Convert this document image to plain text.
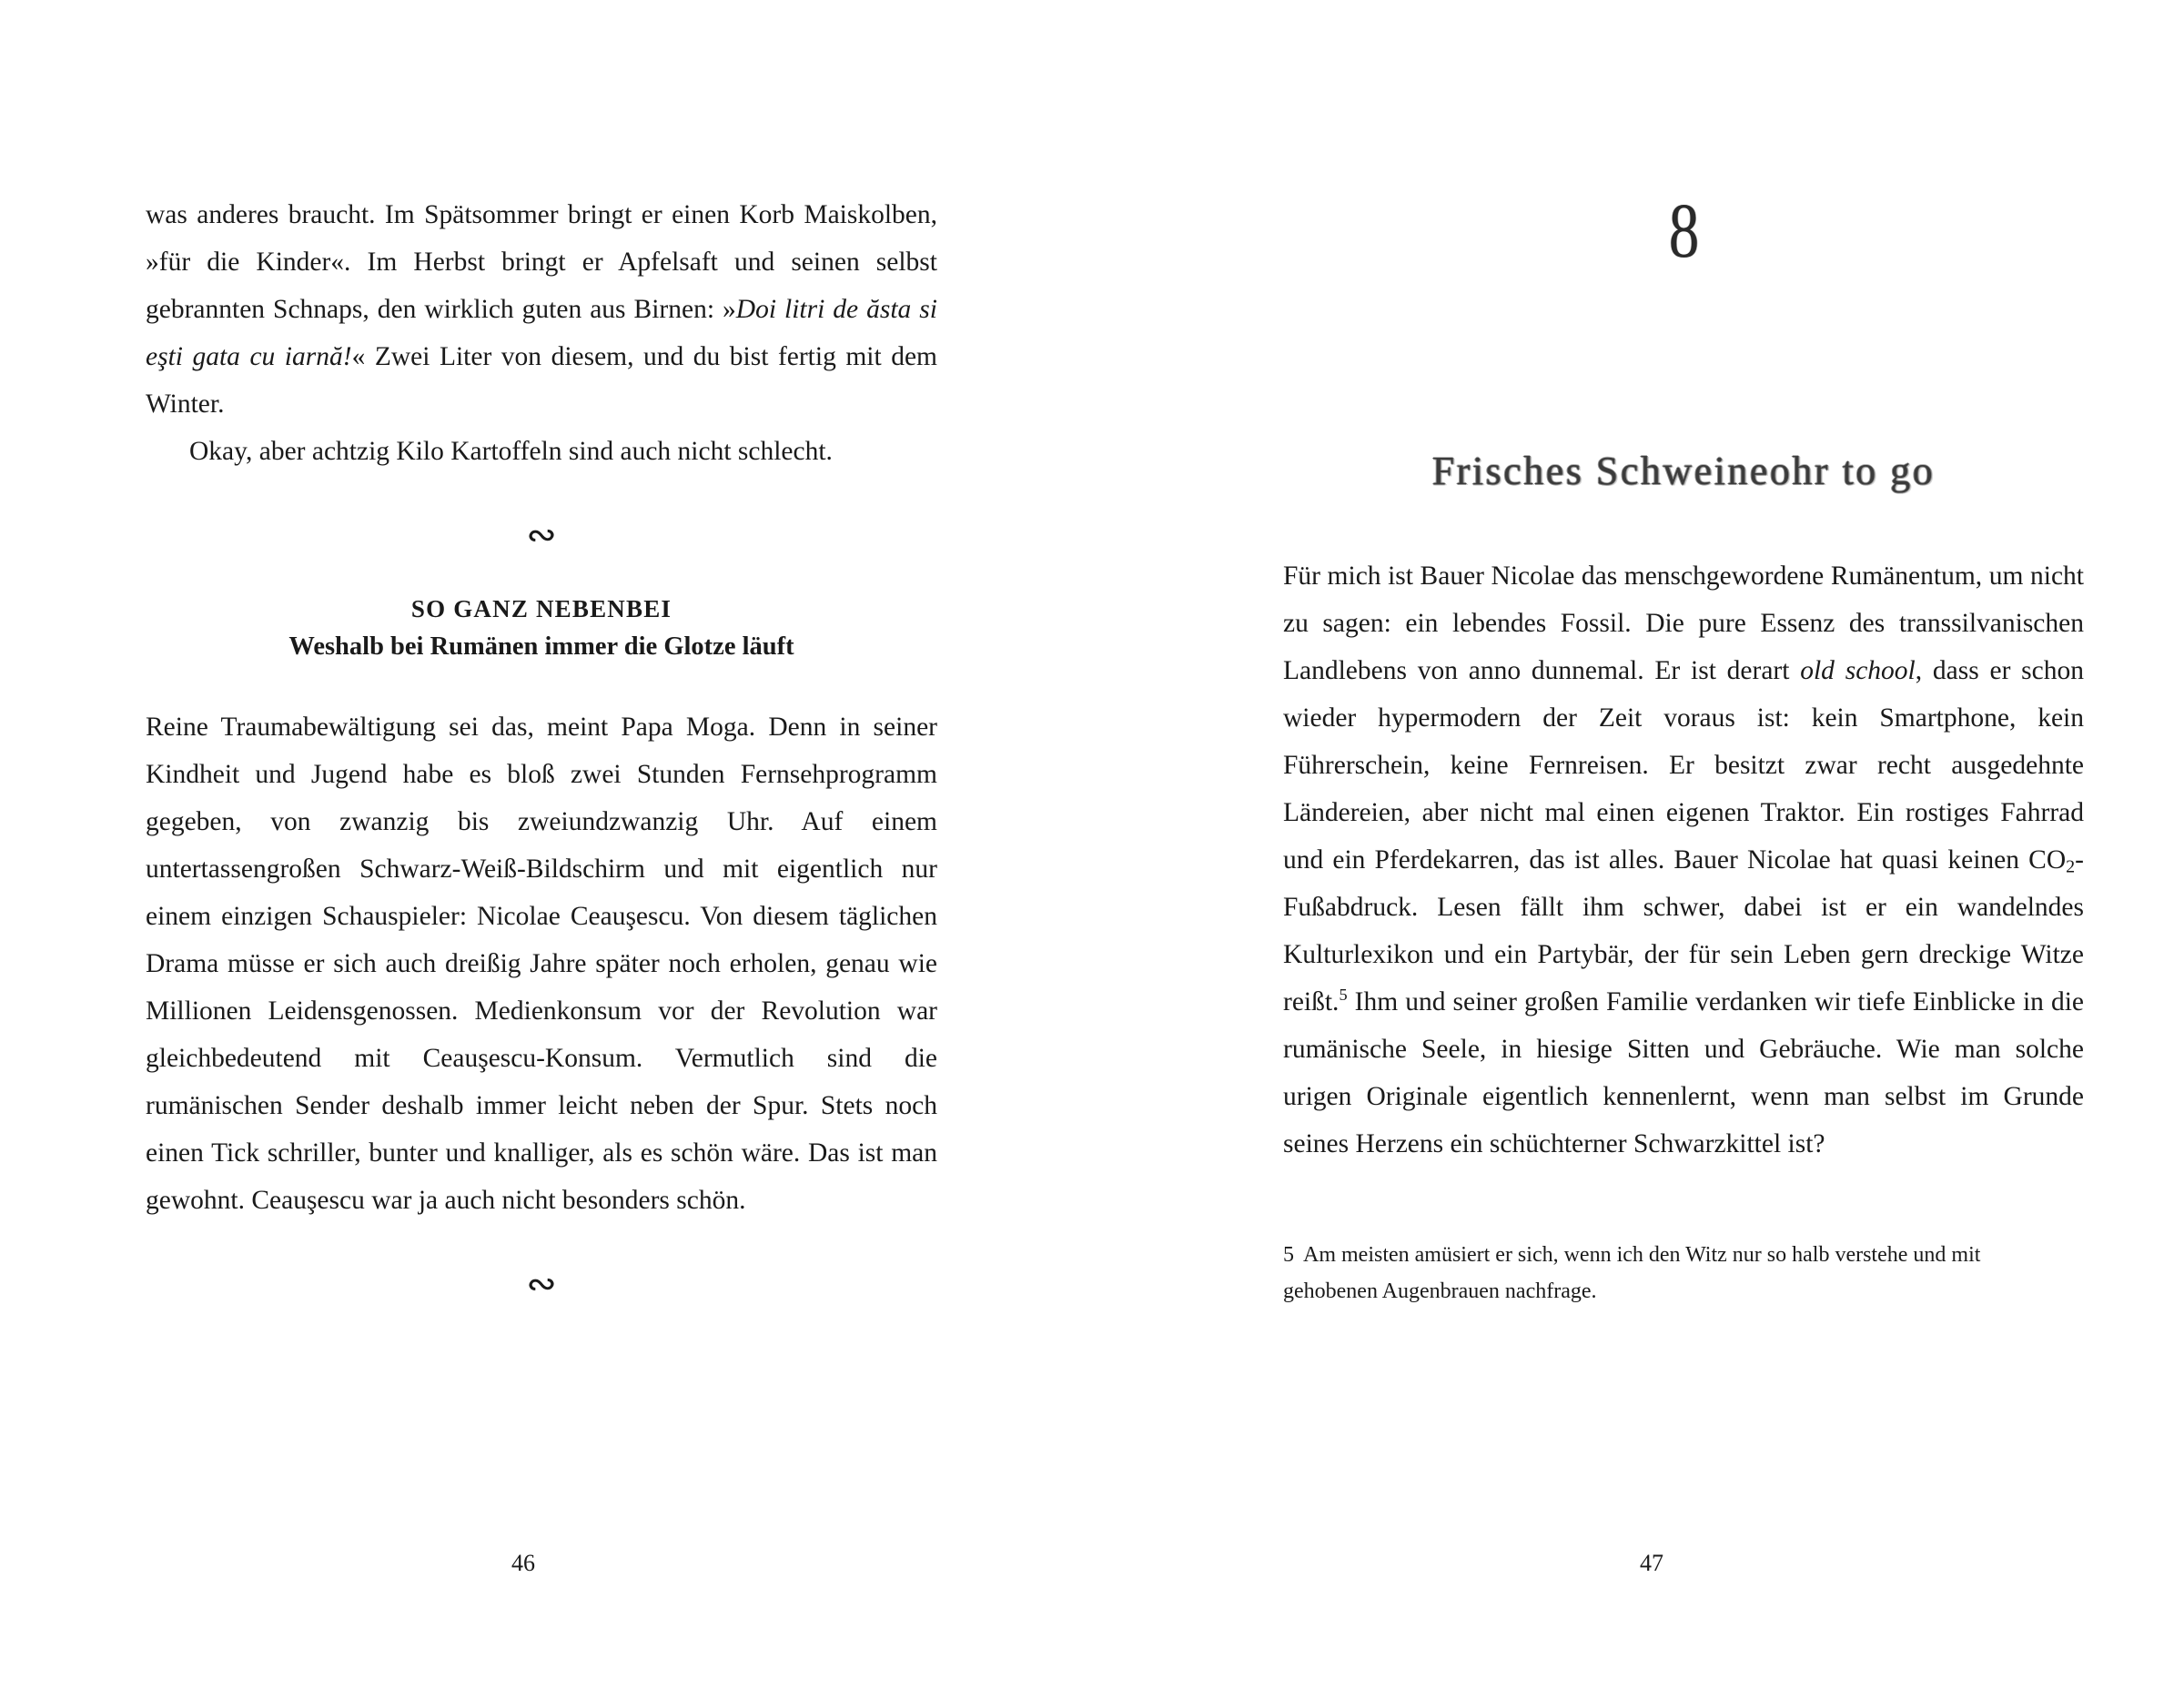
was anderes braucht. Im Spätsommer bringt er einen Korb Maiskolben, »für die Kinder«. Im Herbst bringt er Apfelsaft und seinen selbst gebrannten Schnaps, den wirklich guten aus Birnen: »Doi litri de ăsta si eşti gata cu iarnă!« Zwei Liter von diesem, und du bist fertig mit dem Winter.

Okay, aber achtzig Kilo Kartoffeln sind auch nicht schlecht.

∾
SO GANZ NEBENBEI
Weshalb bei Rumänen immer die Glotze läuft

Reine Traumabewältigung sei das, meint Papa Moga. Denn in seiner Kindheit und Jugend habe es bloß zwei Stunden Fernsehprogramm gegeben, von zwanzig bis zweiundzwanzig Uhr. Auf einem untertassengroßen Schwarz-Weiß-Bildschirm und mit eigentlich nur einem einzigen Schauspieler: Nicolae Ceauşescu. Von diesem täglichen Drama müsse er sich auch dreißig Jahre später noch erholen, genau wie Millionen Leidensgenossen. Medienkonsum vor der Revolution war gleichbedeutend mit Ceauşescu-Konsum. Vermutlich sind die rumänischen Sender deshalb immer leicht neben der Spur. Stets noch einen Tick schriller, bunter und knalliger, als es schön wäre. Das ist man gewohnt. Ceauşescu war ja auch nicht besonders schön.

∾
46
8
Frisches Schweineohr to go

Für mich ist Bauer Nicolae das menschgewordene Rumänentum, um nicht zu sagen: ein lebendes Fossil. Die pure Essenz des transsilvanischen Landlebens von anno dunnemal. Er ist derart old school, dass er schon wieder hypermodern der Zeit voraus ist: kein Smartphone, kein Führerschein, keine Fernreisen. Er besitzt zwar recht ausgedehnte Ländereien, aber nicht mal einen eigenen Traktor. Ein rostiges Fahrrad und ein Pferdekarren, das ist alles. Bauer Nicolae hat quasi keinen $CO_2$-Fußabdruck. Lesen fällt ihm schwer, dabei ist er ein wandelndes Kulturlexikon und ein Partybär, der für sein Leben gern dreckige Witze reißt.$^5$ Ihm und seiner großen Familie verdanken wir tiefe Einblicke in die rumänische Seele, in hiesige Sitten und Gebräuche. Wie man solche urigen Originale eigentlich kennenlernt, wenn man selbst im Grunde seines Herzens ein schüchterner Schwarzkittel ist?

5 Am meisten amüsiert er sich, wenn ich den Witz nur so halb verstehe und mit gehobenen Augenbrauen nachfrage.
47
